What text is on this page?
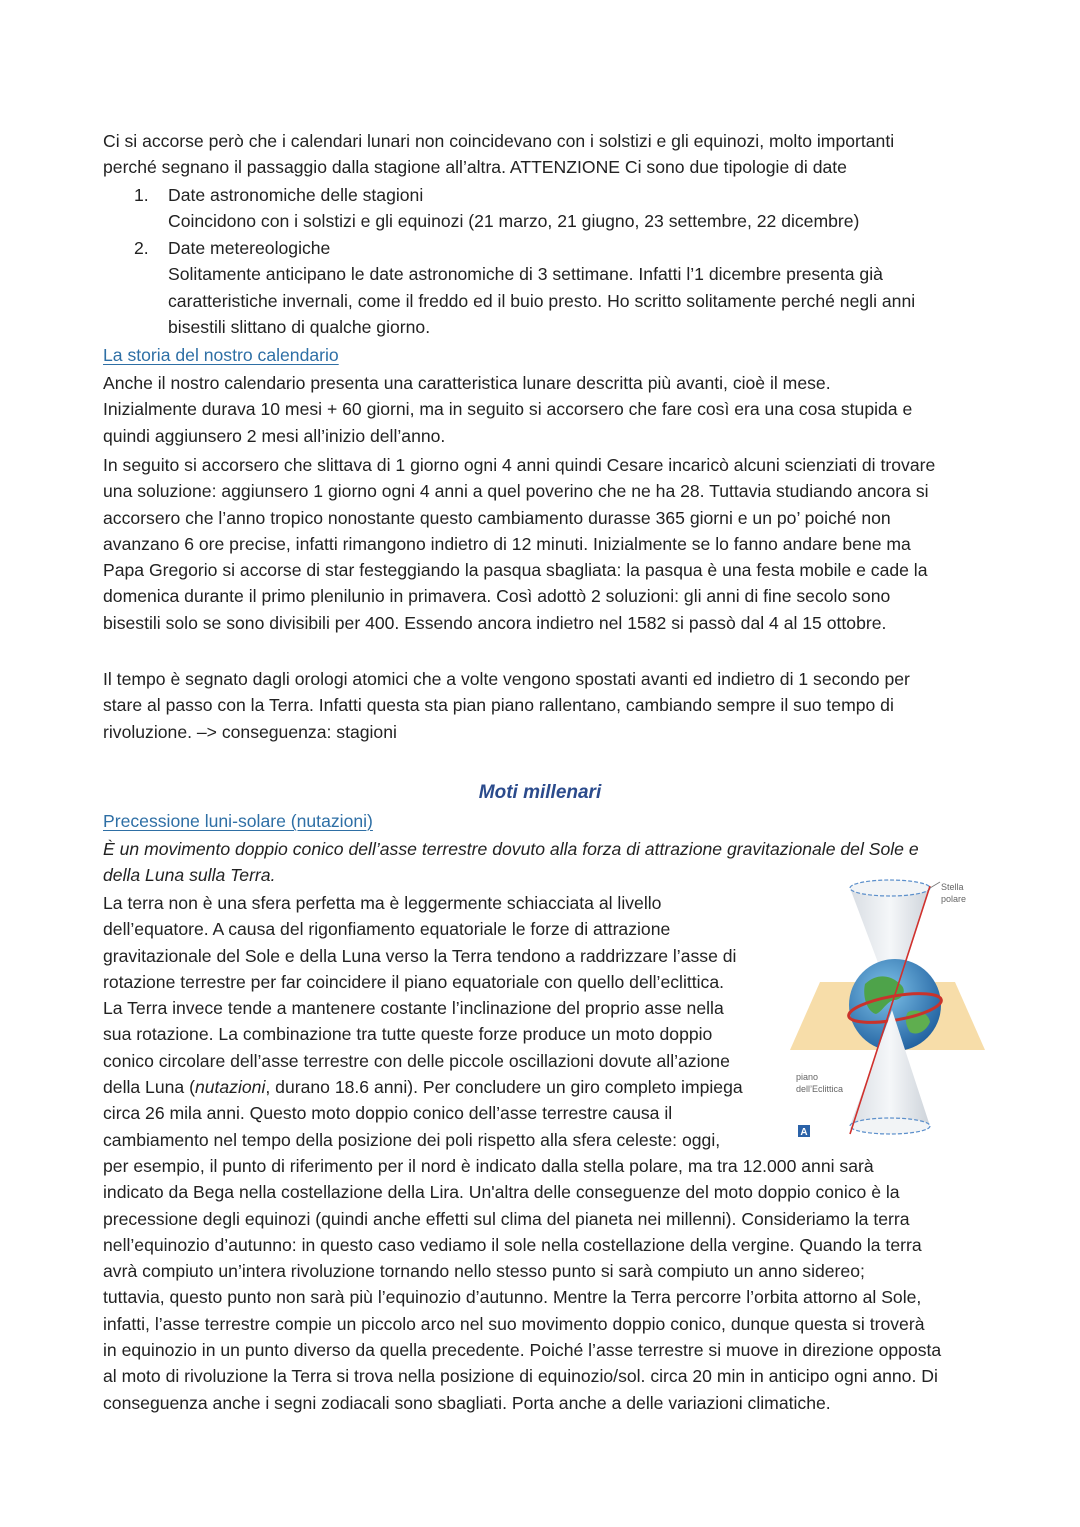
Ci si accorse però che i calendari lunari non coincidevano con i solstizi e gli equinozi, molto importanti
perché segnano il passaggio dalla stagione all’altra. ATTENZIONE Ci sono due tipologie di date

1. Date astronomiche delle stagioni
Coincidono con i solstizi e gli equinozi (21 marzo, 21 giugno, 23 settembre, 22 dicembre)

2. Date metereologiche
Solitamente anticipano le date astronomiche di 3 settimane. Infatti l’1 dicembre presenta già
caratteristiche invernali, come il freddo ed il buio presto. Ho scritto solitamente perché negli anni
bisestili slittano di qualche giorno.

La storia del nostro calendario

Anche il nostro calendario presenta una caratteristica lunare descritta più avanti, cioè il mese.
Inizialmente durava 10 mesi + 60 giorni, ma in seguito si accorsero che fare così era una cosa stupida e
quindi aggiunsero 2 mesi all’inizio dell’anno.

In seguito si accorsero che slittava di 1 giorno ogni 4 anni quindi Cesare incaricò alcuni scienziati di trovare
una soluzione: aggiunsero 1 giorno ogni 4 anni a quel poverino che ne ha 28. Tuttavia studiando ancora si
accorsero che l’anno tropico nonostante questo cambiamento durasse 365 giorni e un po’ poiché non
avanzano 6 ore precise, infatti rimangono indietro di 12 minuti. Inizialmente se lo fanno andare bene ma
Papa Gregorio si accorse di star festeggiando la pasqua sbagliata: la pasqua è una festa mobile e cade la
domenica durante il primo plenilunio in primavera. Così adottò 2 soluzioni: gli anni di fine secolo sono
bisestili solo se sono divisibili per 400. Essendo ancora indietro nel 1582 si passò dal 4 al 15 ottobre.

Il tempo è segnato dagli orologi atomici che a volte vengono spostati avanti ed indietro di 1 secondo per
stare al passo con la Terra. Infatti questa sta pian piano rallentano, cambiando sempre il suo tempo di
rivoluzione. –> conseguenza: stagioni

Moti millenari

Precessione luni-solare (nutazioni)

È un movimento doppio conico dell’asse terrestre dovuto alla forza di attrazione gravitazionale del Sole e
della Luna sulla Terra.

La terra non è una sfera perfetta ma è leggermente schiacciata al livello
dell’equatore. A causa del rigonfiamento equatoriale le forze di attrazione
gravitazionale del Sole e della Luna verso la Terra tendono a raddrizzare l’asse di
rotazione terrestre per far coincidere il piano equatoriale con quello dell’eclittica.
La Terra invece tende a mantenere costante l’inclinazione del proprio asse nella
sua rotazione. La combinazione tra tutte queste forze produce un moto doppio
conico circolare dell’asse terrestre con delle piccole oscillazioni dovute all’azione
della Luna (nutazioni, durano 18.6 anni). Per concludere un giro completo impiega
circa 26 mila anni. Questo moto doppio conico dell’asse terrestre causa il
cambiamento nel tempo della posizione dei poli rispetto alla sfera celeste: oggi,

per esempio, il punto di riferimento per il nord è indicato dalla stella polare, ma tra 12.000 anni sarà
indicato da Bega nella costellazione della Lira. Un'altra delle conseguenze del moto doppio conico è la
precessione degli equinozi (quindi anche effetti sul clima del pianeta nei millenni). Consideriamo la terra
nell’equinozio d’autunno: in questo caso vediamo il sole nella costellazione della vergine. Quando la terra
avrà compiuto un’intera rivoluzione tornando nello stesso punto si sarà compiuto un anno sidereo;
tuttavia, questo punto non sarà più l’equinozio d’autunno. Mentre la Terra percorre l’orbita attorno al Sole,
infatti, l’asse terrestre compie un piccolo arco nel suo movimento doppio conico, dunque questa si troverà
in equinozio in un punto diverso da quella precedente. Poiché l’asse terrestre si muove in direzione opposta
al moto di rivoluzione la Terra si trova nella posizione di equinozio/sol. circa 20 min in anticipo ogni anno. Di
conseguenza anche i segni zodiacali sono sbagliati. Porta anche a delle variazioni climatiche.

Stella
polare
piano
dell’Eclittica
A
